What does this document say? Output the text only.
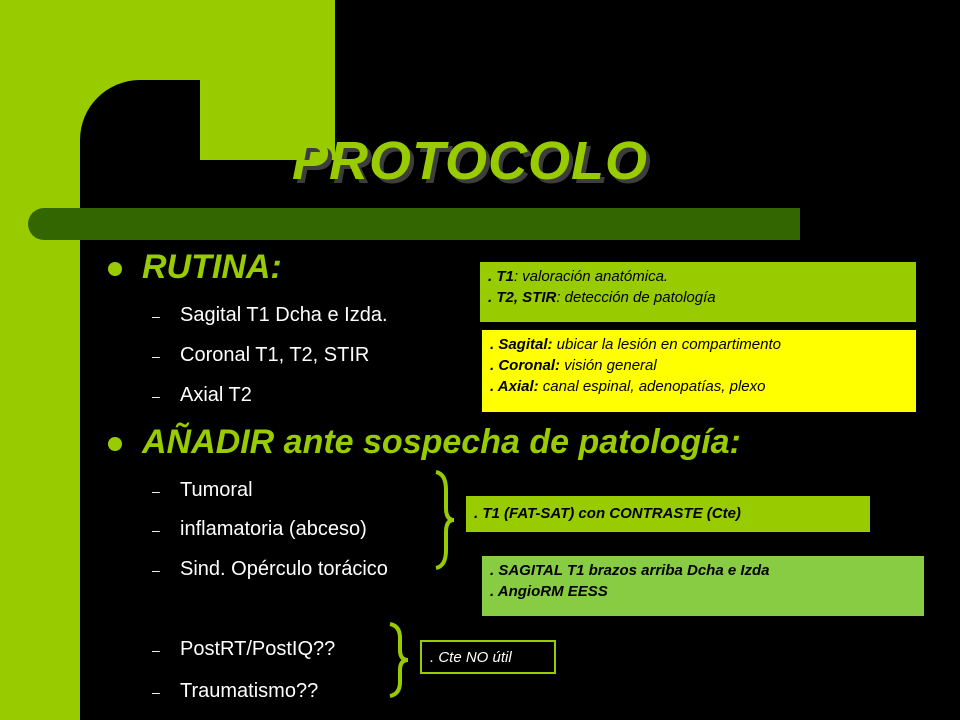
PROTOCOLO
RUTINA:
– Sagital T1 Dcha e Izda.
– Coronal T1, T2, STIR
– Axial T2
AÑADIR ante sospecha de patología:
– Tumoral
– inflamatoria (abceso)
– Sind. Opérculo torácico
– PostRT/PostIQ??
– Traumatismo??
. T1: valoración anatómica.
. T2, STIR: detección de patología
. Sagital: ubicar la lesión en compartimento
. Coronal: visión general
. Axial: canal espinal, adenopatías, plexo
. T1 (FAT-SAT) con CONTRASTE (Cte)
. SAGITAL T1 brazos arriba Dcha e Izda
. AngioRM EESS
. Cte NO útil
